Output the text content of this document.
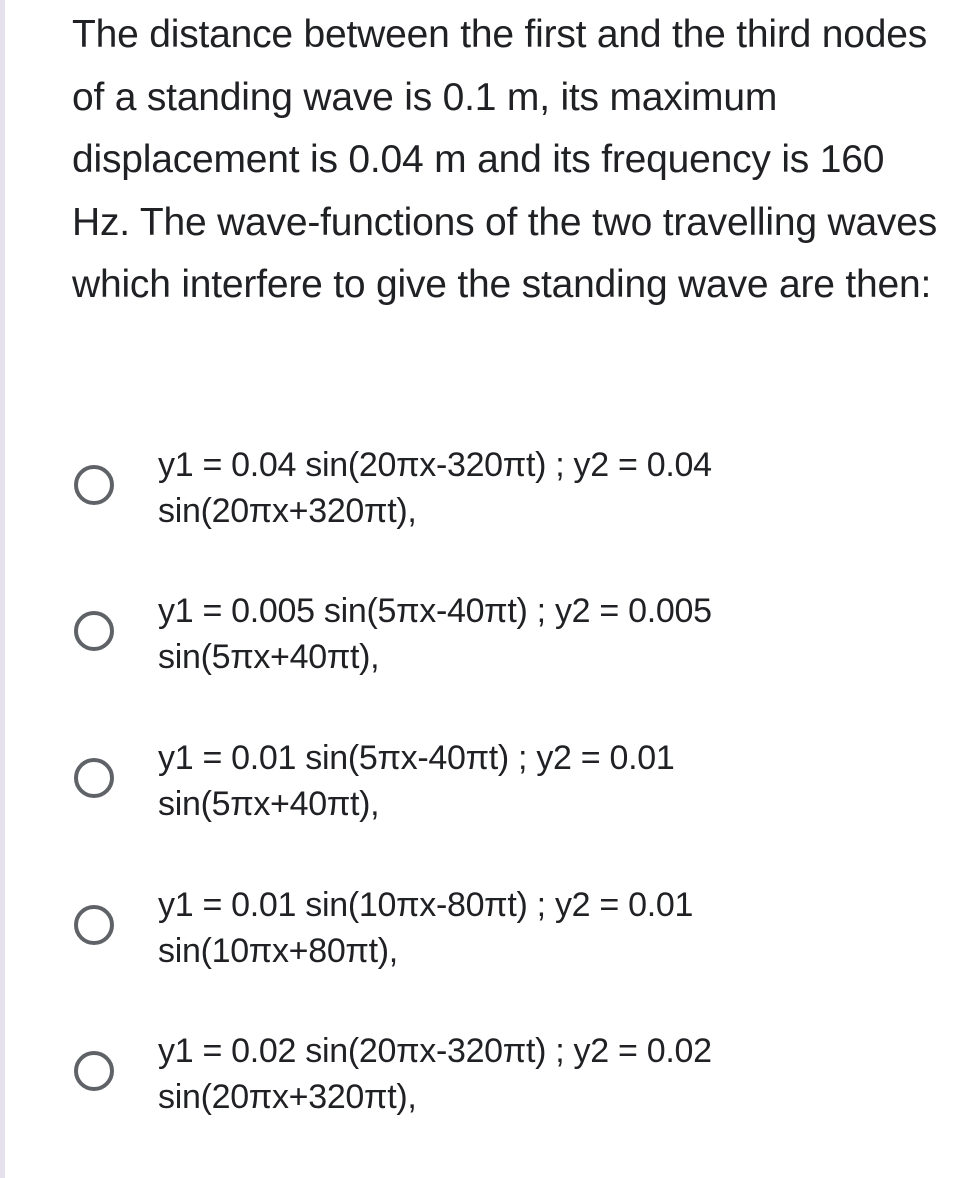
The distance between the first and the third nodes of a standing wave is 0.1 m, its maximum displacement is 0.04 m and its frequency is 160 Hz. The wave-functions of the two travelling waves which interfere to give the standing wave are then:

y1 = 0.04 sin(20πx-320πt) ; y2 = 0.04 sin(20πx+320πt),

y1 = 0.005 sin(5πx-40πt) ; y2 = 0.005 sin(5πx+40πt),

y1 = 0.01 sin(5πx-40πt) ; y2 = 0.01 sin(5πx+40πt),

y1 = 0.01 sin(10πx-80πt) ; y2 = 0.01 sin(10πx+80πt),

y1 = 0.02 sin(20πx-320πt) ; y2 = 0.02 sin(20πx+320πt),
